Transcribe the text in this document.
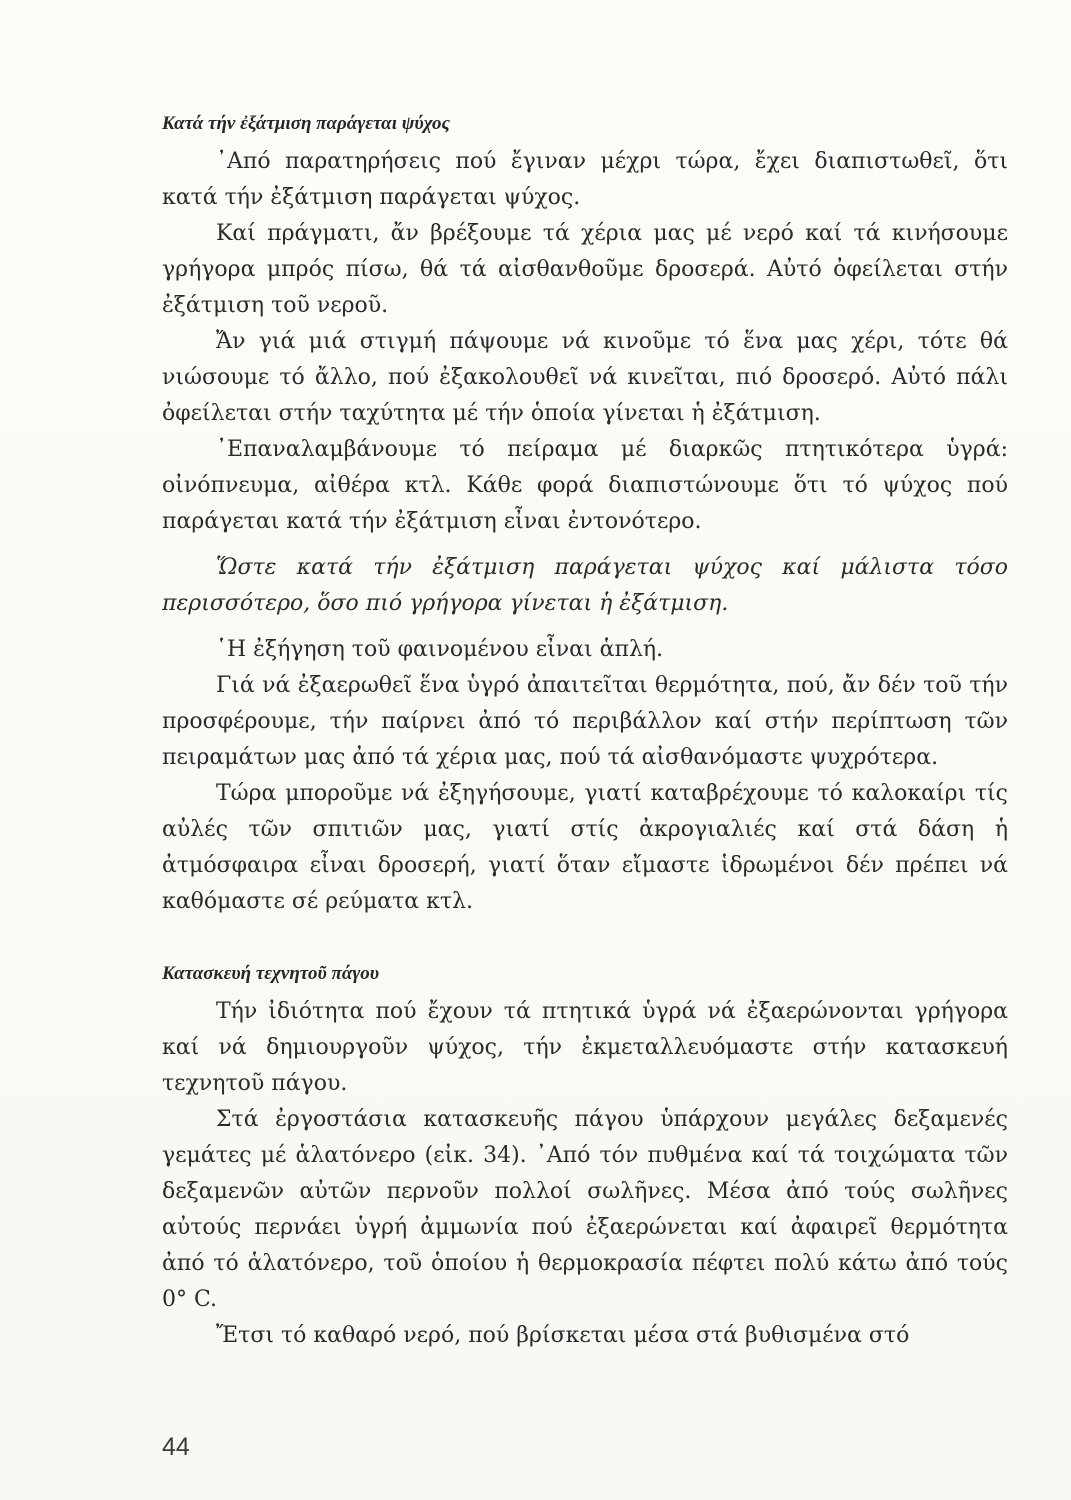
Κατά τήν ἐξάτμιση παράγεται ψύχος

᾿Από παρατηρήσεις πού ἔγιναν μέχρι τώρα, ἔχει διαπιστωθεῖ, ὅτι κατά τήν ἐξάτμιση παράγεται ψύχος.

Καί πράγματι, ἄν βρέξουμε τά χέρια μας μέ νερό καί τά κινήσουμε γρήγορα μπρός πίσω, θά τά αἰσθανθοῦμε δροσερά. Αὐτό ὀφείλεται στήν ἐξάτμιση τοῦ νεροῦ.

Ἄν γιά μιά στιγμή πάψουμε νά κινοῦμε τό ἕνα μας χέρι, τότε θά νιώσουμε τό ἄλλο, πού ἐξακολουθεῖ νά κινεῖται, πιό δροσερό. Αὐτό πάλι ὀφείλεται στήν ταχύτητα μέ τήν ὁποία γίνεται ἡ ἐξάτμιση.

᾿Επαναλαμβάνουμε τό πείραμα μέ διαρκῶς πτητικότερα ὑγρά: οἰνόπνευμα, αἰθέρα κτλ. Κάθε φορά διαπιστώνουμε ὅτι τό ψύχος πού παράγεται κατά τήν ἐξάτμιση εἶναι ἐντονότερο.

Ὥστε κατά τήν ἐξάτμιση παράγεται ψύχος καί μάλιστα τόσο περισσότερο, ὅσο πιό γρήγορα γίνεται ἡ ἐξάτμιση.

῾Η ἐξήγηση τοῦ φαινομένου εἶναι ἁπλή.

Γιά νά ἐξαερωθεῖ ἕνα ὑγρό ἀπαιτεῖται θερμότητα, πού, ἄν δέν τοῦ τήν προσφέρουμε, τήν παίρνει ἀπό τό περιβάλλον καί στήν περίπτωση τῶν πειραμάτων μας ἀπό τά χέρια μας, πού τά αἰσθανόμαστε ψυχρότερα.

Τώρα μποροῦμε νά ἐξηγήσουμε, γιατί καταβρέχουμε τό καλοκαίρι τίς αὐλές τῶν σπιτιῶν μας, γιατί στίς ἀκρογιαλιές καί στά δάση ἡ ἀτμόσφαιρα εἶναι δροσερή, γιατί ὅταν εἴμαστε ἱδρωμένοι δέν πρέπει νά καθόμαστε σέ ρεύματα κτλ.

Κατασκευή τεχνητοῦ πάγου

Τήν ἰδιότητα πού ἔχουν τά πτητικά ὑγρά νά ἐξαερώνονται γρήγορα καί νά δημιουργοῦν ψύχος, τήν ἐκμεταλλευόμαστε στήν κατασκευή τεχνητοῦ πάγου.

Στά ἐργοστάσια κατασκευῆς πάγου ὑπάρχουν μεγάλες δεξαμενές γεμάτες μέ ἁλατόνερο (εἰκ. 34). ᾿Από τόν πυθμένα καί τά τοιχώματα τῶν δεξαμενῶν αὐτῶν περνοῦν πολλοί σωλῆνες. Μέσα ἀπό τούς σωλῆνες αὐτούς περνάει ὑγρή ἀμμωνία πού ἐξαερώνεται καί ἀφαιρεῖ θερμότητα ἀπό τό ἁλατόνερο, τοῦ ὁποίου ἡ θερμοκρασία πέφτει πολύ κάτω ἀπό τούς 0° C.

Ἔτσι τό καθαρό νερό, πού βρίσκεται μέσα στά βυθισμένα στό

44
